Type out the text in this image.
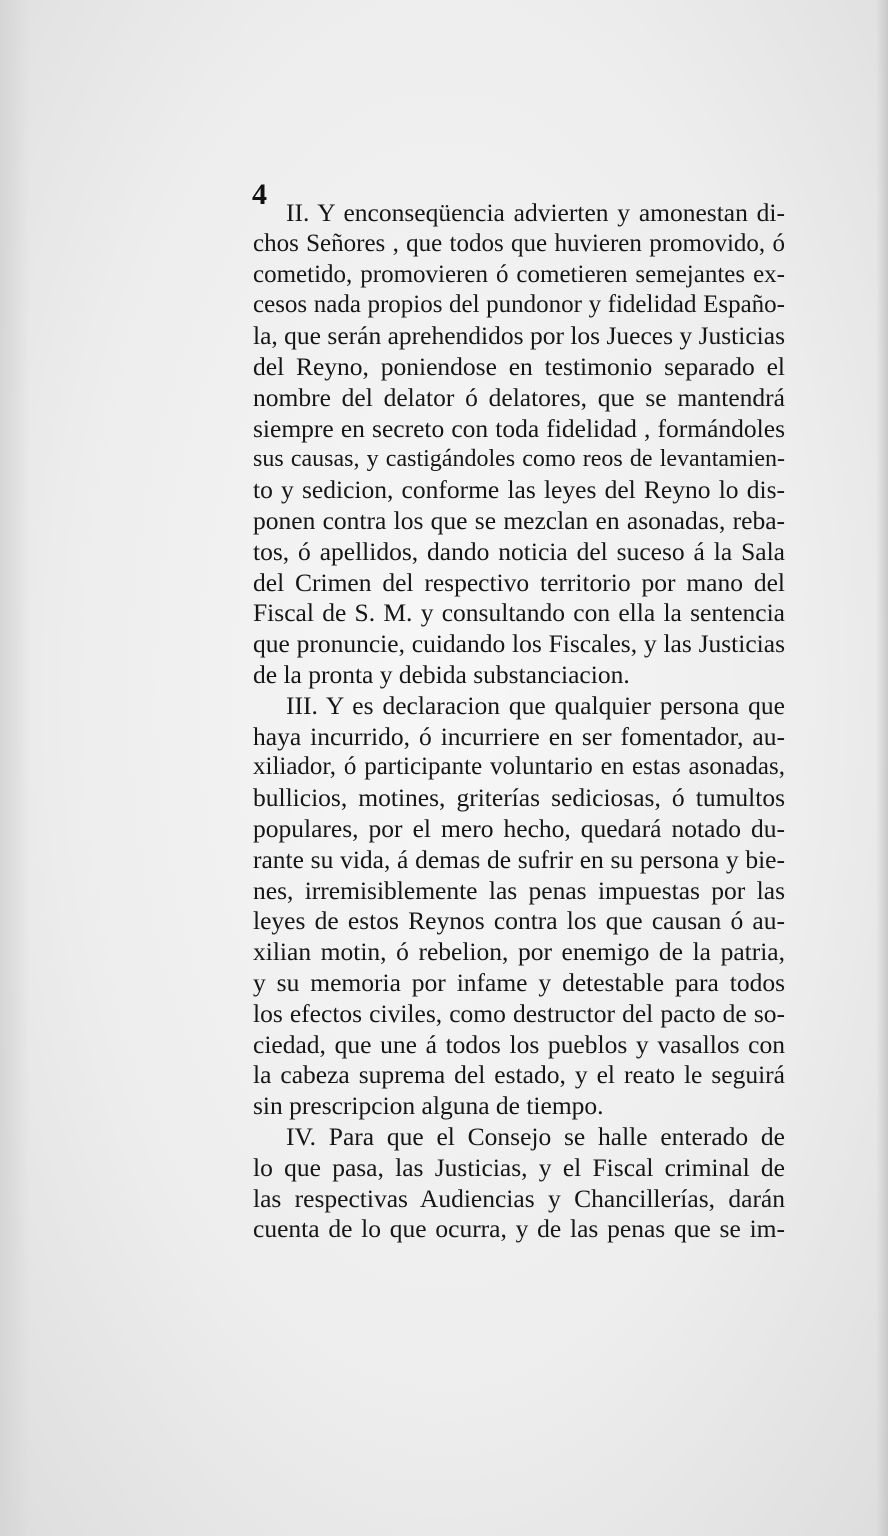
4
II. Y enconseqüencia advierten y amonestan di-
chos Señores , que todos que huvieren promovido, ó
cometido, promovieren ó cometieren semejantes ex-
cesos nada propios del pundonor y fidelidad Españo-
la, que serán aprehendidos por los Jueces y Justicias
del Reyno, poniendose en testimonio separado el
nombre del delator ó delatores, que se mantendrá
siempre en secreto con toda fidelidad , formándoles
sus causas, y castigándoles como reos de levantamien-
to y sedicion, conforme las leyes del Reyno lo dis-
ponen contra los que se mezclan en asonadas, reba-
tos, ó apellidos, dando noticia del suceso á la Sala
del Crimen del respectivo territorio por mano del
Fiscal de S. M. y consultando con ella la sentencia
que pronuncie, cuidando los Fiscales, y las Justicias
de la pronta y debida substanciacion.
III. Y es declaracion que qualquier persona que
haya incurrido, ó incurriere en ser fomentador, au-
xiliador, ó participante voluntario en estas asonadas,
bullicios, motines, griterías sediciosas, ó tumultos
populares, por el mero hecho, quedará notado du-
rante su vida, á demas de sufrir en su persona y bie-
nes, irremisiblemente las penas impuestas por las
leyes de estos Reynos contra los que causan ó au-
xilian motin, ó rebelion, por enemigo de la patria,
y su memoria por infame y detestable para todos
los efectos civiles, como destructor del pacto de so-
ciedad, que une á todos los pueblos y vasallos con
la cabeza suprema del estado, y el reato le seguirá
sin prescripcion alguna de tiempo.
IV. Para que el Consejo se halle enterado de
lo que pasa, las Justicias, y el Fiscal criminal de
las respectivas Audiencias y Chancillerías, darán
cuenta de lo que ocurra, y de las penas que se im-
